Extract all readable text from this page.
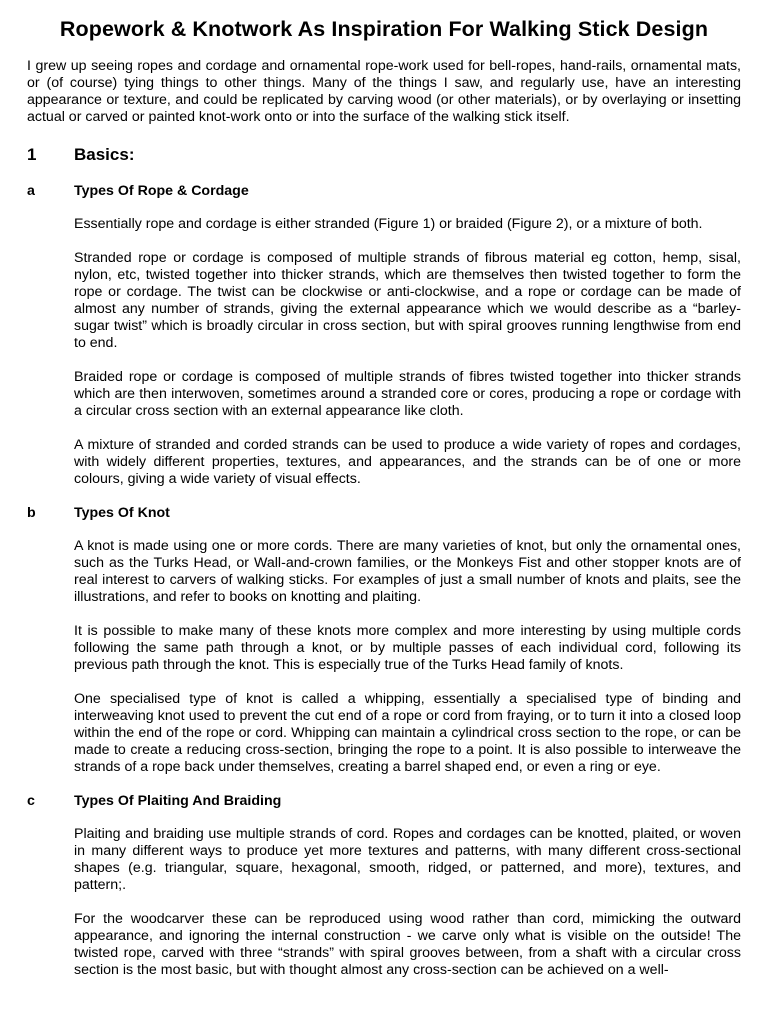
Ropework & Knotwork As Inspiration For Walking Stick Design

I grew up seeing ropes and cordage and ornamental rope-work used for bell-ropes, hand-rails, ornamental mats, or (of course) tying things to other things. Many of the things I saw, and regularly use, have an interesting appearance or texture, and could be replicated by carving wood (or other materials), or by overlaying or insetting actual or carved or painted knot-work onto or into the surface of the walking stick itself.

1	Basics:
a	Types Of Rope & Cordage

Essentially rope and cordage is either stranded (Figure 1) or braided (Figure 2), or a mixture of both.

Stranded rope or cordage is composed of multiple strands of fibrous material eg cotton, hemp, sisal, nylon, etc, twisted together into thicker strands, which are themselves then twisted together to form the rope or cordage. The twist can be clockwise or anti-clockwise, and a rope or cordage can be made of almost any number of strands, giving the external appearance which we would describe as a “barley-sugar twist” which is broadly circular in cross section, but with spiral grooves running lengthwise from end to end.

Braided rope or cordage is composed of multiple strands of fibres twisted together into thicker strands which are then interwoven, sometimes around a stranded core or cores, producing a rope or cordage with a circular cross section with an external appearance like cloth.

A mixture of stranded and corded strands can be used to produce a wide variety of ropes and cordages, with widely different properties, textures, and appearances, and the strands can be of one or more colours, giving a wide variety of visual effects.

b	Types Of Knot

A knot is made using one or more cords. There are many varieties of knot, but only the ornamental ones, such as the Turks Head, or Wall-and-crown families, or the Monkeys Fist and other stopper knots are of real interest to carvers of walking sticks. For examples of just a small number of knots and plaits, see the illustrations, and refer to books on knotting and plaiting.

It is possible to make many of these knots more complex and more interesting by using multiple cords following the same path through a knot, or by multiple passes of each individual cord, following its previous path through the knot. This is especially true of the Turks Head family of knots.

One specialised type of knot is called a whipping, essentially a specialised type of binding and interweaving knot used to prevent the cut end of a rope or cord from fraying, or to turn it into a closed loop within the end of the rope or cord. Whipping can maintain a cylindrical cross section to the rope, or can be made to create a reducing cross-section, bringing the rope to a point. It is also possible to interweave the strands of a rope back under themselves, creating a barrel shaped end, or even a ring or eye.

c	Types Of Plaiting And Braiding

Plaiting and braiding use multiple strands of cord. Ropes and cordages can be knotted, plaited, or woven in many different ways to produce yet more textures and patterns, with many different cross-sectional shapes (e.g. triangular, square, hexagonal, smooth, ridged, or patterned, and more), textures, and pattern;.

For the woodcarver these can be reproduced using wood rather than cord, mimicking the outward appearance, and ignoring the internal construction - we carve only what is visible on the outside! The twisted rope, carved with three “strands” with spiral grooves between, from a shaft with a circular cross section is the most basic, but with thought almost any cross-section can be achieved on a well-
